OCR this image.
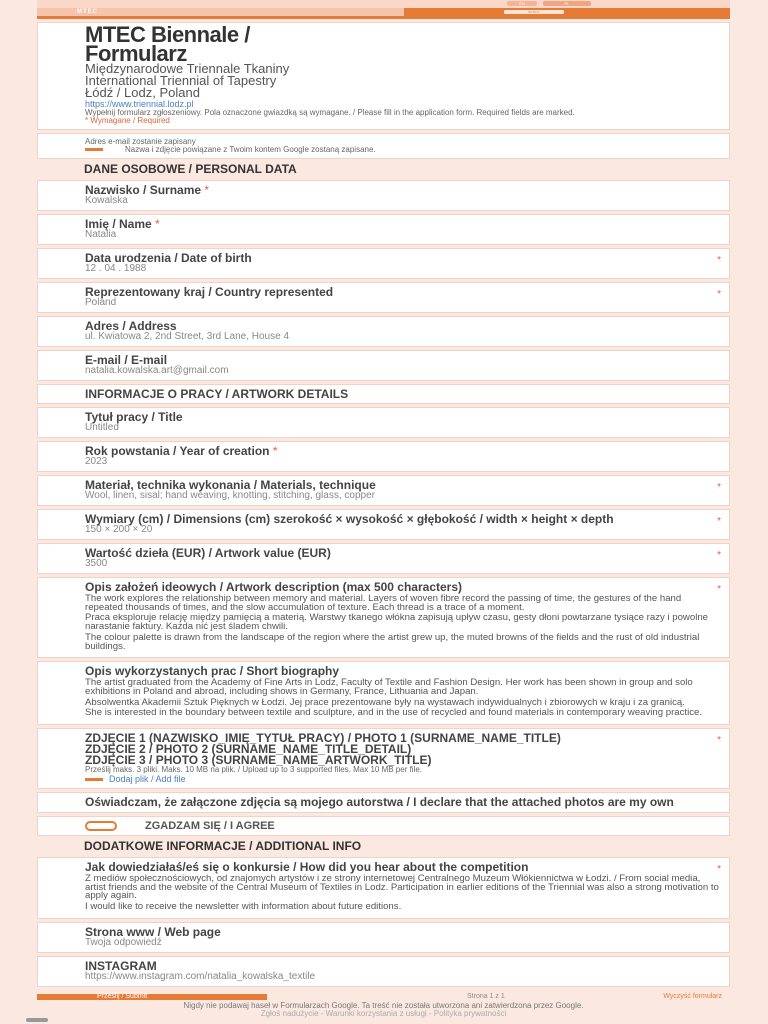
EN	PL
MTEC	WYŚLIJ
MTEC Biennale /
Formularz
Międzynarodowe Triennale Tkaniny
International Triennial of Tapestry
Łódź / Lodz, Poland
https://www.triennial.lodz.pl
Wypełnij formularz zgłoszeniowy. Pola oznaczone gwiazdką są wymagane. / Please fill in the application form. Required fields are marked.
* Wymagane / Required
Adres e-mail zostanie zapisany
Nazwa i zdjęcie powiązane z Twoim kontem Google zostaną zapisane.
DANE OSOBOWE / PERSONAL DATA
Nazwisko / Surname *
Kowalska
Imię / Name *
Natalia
Data urodzenia / Date of birth
12 . 04 . 1988
*
Reprezentowany kraj / Country represented
Poland
*
Adres / Address
ul. Kwiatowa 2, 2nd Street, 3rd Lane, House 4
E-mail / E-mail
natalia.kowalska.art@gmail.com
INFORMACJE O PRACY / ARTWORK DETAILS
Tytuł pracy / Title
Untitled
Rok powstania / Year of creation *
2023
Materiał, technika wykonania / Materials, technique
Wool, linen, sisal; hand weaving, knotting, stitching, glass, copper
*
Wymiary (cm) / Dimensions (cm) szerokość × wysokość × głębokość / width × height × depth
150 × 200 × 20
*
Wartość dzieła (EUR) / Artwork value (EUR)
3500
*
Opis założeń ideowych / Artwork description (max 500 characters)

The work explores the relationship between memory and material. Layers of woven fibre record the passing of time, the gestures of the hand repeated thousands of times, and the slow accumulation of texture. Each thread is a trace of a moment.

Praca eksploruje relację między pamięcią a materią. Warstwy tkanego włókna zapisują upływ czasu, gesty dłoni powtarzane tysiące razy i powolne narastanie faktury. Każda nić jest śladem chwili.

The colour palette is drawn from the landscape of the region where the artist grew up, the muted browns of the fields and the rust of old industrial buildings.

*
Opis wykorzystanych prac / Short biography

The artist graduated from the Academy of Fine Arts in Lodz, Faculty of Textile and Fashion Design. Her work has been shown in group and solo exhibitions in Poland and abroad, including shows in Germany, France, Lithuania and Japan.

Absolwentka Akademii Sztuk Pięknych w Łodzi. Jej prace prezentowane były na wystawach indywidualnych i zbiorowych w kraju i za granicą.

She is interested in the boundary between textile and sculpture, and in the use of recycled and found materials in contemporary weaving practice.

ZDJĘCIE 1 (NAZWISKO_IMIĘ_TYTUŁ PRACY) / PHOTO 1 (SURNAME_NAME_TITLE)
ZDJĘCIE 2 / PHOTO 2 (SURNAME_NAME_TITLE_DETAIL)
ZDJĘCIE 3 / PHOTO 3 (SURNAME_NAME_ARTWORK_TITLE)
Prześlij maks. 3 pliki. Maks. 10 MB na plik. / Upload up to 3 supported files. Max 10 MB per file.
Dodaj plik / Add file
*
Oświadczam, że załączone zdjęcia są mojego autorstwa / I declare that the attached photos are my own
ZGADZAM SIĘ / I AGREE
DODATKOWE INFORMACJE / ADDITIONAL INFO
Jak dowiedziałaś/eś się o konkursie / How did you hear about the competition

Z mediów społecznościowych, od znajomych artystów i ze strony internetowej Centralnego Muzeum Włókiennictwa w Łodzi. / From social media, artist friends and the website of the Central Museum of Textiles in Lodz. Participation in earlier editions of the Triennial was also a strong motivation to apply again.

I would like to receive the newsletter with information about future editions.

*
Strona www / Web page
Twoja odpowiedź
INSTAGRAM
https://www.instagram.com/natalia_kowalska_textile
Prześlij / Submit	Strona 1 z 1	Wyczyść formularz
Nigdy nie podawaj haseł w Formularzach Google. Ta treść nie została utworzona ani zatwierdzona przez Google.
Zgłoś nadużycie - Warunki korzystania z usługi - Polityka prywatności
